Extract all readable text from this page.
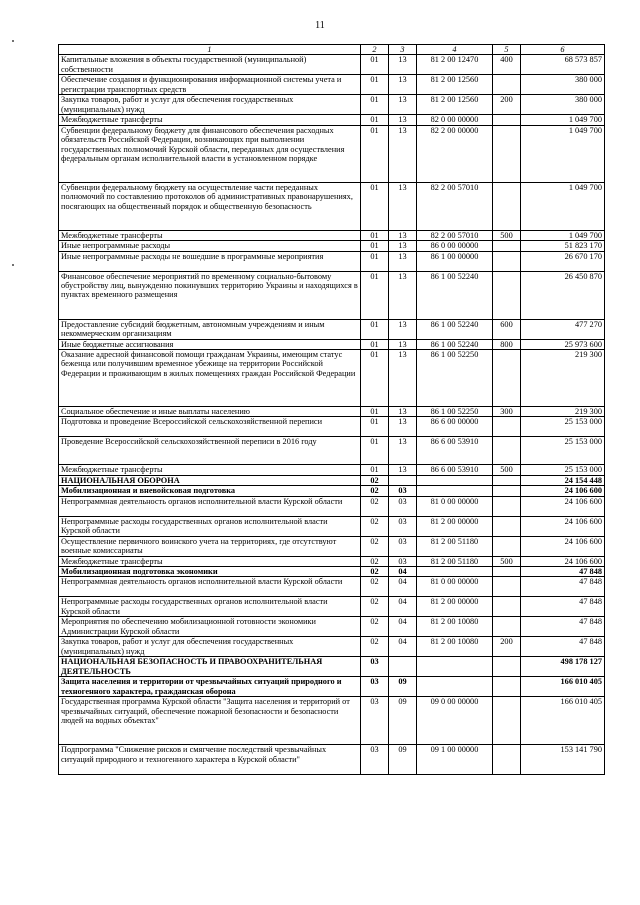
11
1	2	3	4	5	6
Капитальные вложения в объекты государственной (муниципальной) собственности	01	13	81 2 00 12470	400	68 573 857
Обеспечение создания и функционирования информационной системы учета и регистрации транспортных средств	01	13	81 2 00 12560		380 000
Закупка товаров, работ и услуг для обеспечения государственных (муниципальных) нужд	01	13	81 2 00 12560	200	380 000
Межбюджетные трансферты	01	13	82 0 00 00000		1 049 700
Субвенции федеральному бюджету для финансового обеспечения расходных обязательств Российской Федерации, возникающих при выполнении государственных полномочий Курской области, переданных для осуществления федеральным органам исполнительной власти в установленном порядке	01	13	82 2 00 00000		1 049 700
Субвенции федеральному бюджету на осуществление части переданных полномочий по составлению протоколов об административных правонарушениях, посягающих на общественный порядок и общественную безопасность	01	13	82 2 00 57010		1 049 700
Межбюджетные трансферты	01	13	82 2 00 57010	500	1 049 700
Иные непрограммные расходы	01	13	86 0 00 00000		51 823 170
Иные непрограммные расходы не вошедшие в программные мероприятия	01	13	86 1 00 00000		26 670 170
Финансовое обеспечение мероприятий по временному социально-бытовому обустройству лиц, вынужденно покинувших территорию Украины и находящихся в пунктах временного размещения	01	13	86 1 00 52240		26 450 870
Предоставление субсидий бюджетным, автономным учреждениям и иным некоммерческим организациям	01	13	86 1 00 52240	600	477 270
Иные бюджетные ассигнования	01	13	86 1 00 52240	800	25 973 600
Оказание адресной финансовой помощи гражданам Украины, имеющим статус беженца или получившим временное убежище на территории Российской Федерации и проживающим в жилых помещениях граждан Российской Федерации	01	13	86 1 00 52250		219 300
Социальное обеспечение и иные выплаты населению	01	13	86 1 00 52250	300	219 300
Подготовка и проведение Всероссийской сельскохозяйственной переписи	01	13	86 6 00 00000		25 153 000
Проведение Всероссийской сельскохозяйственной переписи в 2016 году	01	13	86 6 00 53910		25 153 000
Межбюджетные трансферты	01	13	86 6 00 53910	500	25 153 000
НАЦИОНАЛЬНАЯ ОБОРОНА	02				24 154 448
Мобилизационная и вневойсковая подготовка	02	03			24 106 600
Непрограммная деятельность органов исполнительной власти Курской области	02	03	81 0 00 00000		24 106 600
Непрограммные расходы государственных органов исполнительной власти Курской области	02	03	81 2 00 00000		24 106 600
Осуществление первичного воинского учета на территориях, где отсутствуют военные комиссариаты	02	03	81 2 00 51180		24 106 600
Межбюджетные трансферты	02	03	81 2 00 51180	500	24 106 600
Мобилизационная подготовка экономики	02	04			47 848
Непрограммная деятельность органов исполнительной власти Курской области	02	04	81 0 00 00000		47 848
Непрограммные расходы государственных органов исполнительной власти Курской области	02	04	81 2 00 00000		47 848
Мероприятия по обеспечению мобилизационной готовности экономики Администрации Курской области	02	04	81 2 00 10080		47 848
Закупка товаров, работ и услуг для обеспечения государственных (муниципальных) нужд	02	04	81 2 00 10080	200	47 848
НАЦИОНАЛЬНАЯ БЕЗОПАСНОСТЬ И ПРАВООХРАНИТЕЛЬНАЯ ДЕЯТЕЛЬНОСТЬ	03				498 178 127
Защита населения и территории от чрезвычайных ситуаций природного и техногенного характера, гражданская оборона	03	09			166 010 405
Государственная программа Курской области "Защита населения и территорий от чрезвычайных ситуаций, обеспечение пожарной безопасности и безопасности людей на водных объектах"	03	09	09 0 00 00000		166 010 405
Подпрограмма "Снижение рисков и смягчение последствий чрезвычайных ситуаций природного и техногенного характера в Курской области"	03	09	09 1 00 00000		153 141 790
